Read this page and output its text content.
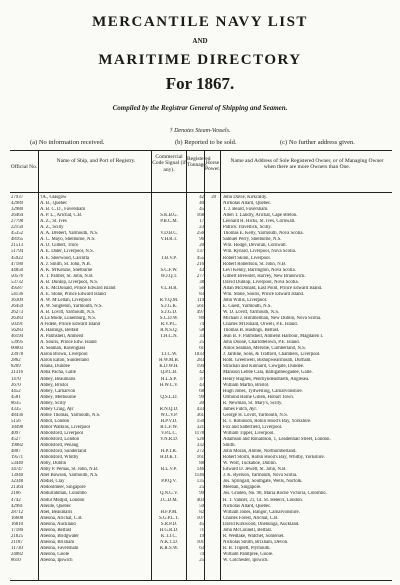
MERCANTILE NAVY LIST
AND
MARITIME DIRECTORY
For 1867.
Compiled by the Registrar General of Shipping and Seamen.
† Denotes Steam-Vessels.
(a) No information received.	(b) Reported to be sold.	(c) No further address given.
Official No.
Name of Ship, and Port of Registry.
Commercial Code Signal (if any).
Registered Tonnage.
Horse Power.
Name and Address of Sole Registered Owner, or of Managing Owner when there are more Owners than One.
27937	†A., Glasgow	42	20 John Davie, Kirkcaldy.
42989	A. B., Quebec	40	Nicholas Allard, Quebec.
32980	A. B. C. D., Faversham	45	T. J. Beard, Faversham.
26464	A. P. L., Arichat, C.B.	S.K.B.G.	168	Allen T. Landry, Arichat, Cape Breton.
27798	A. Z., St. Ives	P.B.C.M.	17	Leonard H. Hicks, St. Ives, Cornwall.
22150	A. Z., Scilly	23	Patrick Travellick, Scilly.
45352	A. A. Drebert, Yarmouth, N.S.	V.D.B.C.	256	Thomas E. Kelly, Yarmouth, Nova Scotia.
48165	A. C. Mayo, Shelburne, N.S.	V.H.R.T.	96	Samuel Perry, Shelburne, N.S.
21513	A. D. Gilbert, Truro	20	Wm. Hodge, Devoran, Cornwall.
51794	A. E. Dater, Liverpool, N.S.	137	Wm. Rynard, Liverpool, Nova Scotia.
45922	A. E. Sherwood, Calcutta	T.B.V.P.	455	Robert Skinn, Liverpool.
47180	A. J. Smith, St. John, N.B.	216	Robert Robertson, St. John, N.B.
44850	A. K. M'Kenzie, Shelburne	S.C.F.W.	43	Levi Kenny, Barrington, Nova Scotia.
50576	A. T. Palmer, St. John, N.B.	W.J.Q.T.	277	Gilbert Brewster, Harvey, New Brunswick.
53732	A. B. Dunlop, Liverpool, N.S.	38	David Dunlop, Liverpool, Nova Scotia.
49587	A. E. McDonald, Prince Edward Island	V.L.H.R.	56	Allan McDonald, East Point, Prince Edward Island.
54136	A. E. Stone, Prince Edward Island	83	Wm. Stone, Souris, Prince Edward Island.
36309	A. W. M'Lellan, Liverpool	R.V.Q.M.	119	John Willis, Liverpool.
26459	A. W. Singleton, Yarmouth, N.S.	S.J.G.K.	561	E. Guest, Yarmouth, N.S.
26273	A. B. Lovitt, Yarmouth, N.S.	S.J.G.D.	497	W. D. Lovitt, Yarmouth, N.S.
26383	A La Mode, Lunenburg, N.S.	S.C.D.W.	80	Michael J. Himmelman, New Dublin, Nova Scotia.
50391	A Fidele, Prince Edward Island	R.V.P.C.	74	Charles M'Donald, Orwell, P.E. Island.
56283	A. Hastings, Belfast	R.N.S.Q.	58	Thomas B. Hastings, Belfast.
46194	A. Palmshell, Amherst	T.H.C.N.	33	Jean B. F. Palmshell, Amherst Harbour, Magdalen I.
53995	A. Souris, Prince Edw. Island	25	John Doone, Charlottetown, P.E. Island.
60003	A. Seaman, Ravenglass	61	Amos Seaman, Mersdie, Cumberland, N.S.
23978	Aaron Brown, Liverpool	T.J.C.W.	1033	J. Jardine, Sons, & Trafford, Chambers, Liverpool.
2862	Aaron Eaton, Sunderland	H.W.M.B.	283	Robt. Greenwell, Bishopwearmouth, Durham.
8209	Abana, Dundee	K.D.W.H.	194	Strachan and Kinnaird, Cowgate, Dundee.
21316	Abba Pacha, Galle	Q.P.C.B.	42	Mansion Lebbe Cala, Balligalheogadee, Galle.
1470	Abbey, Beaumaris	H.L.S.P.	37	Henry Hughes, Penrhyndeudraeth, Anglesea.
2670	Abbey, Bristol	H.W.C.V.	43	William Martin, Bristol.
4452	Abbey, Carnarvon	68	Hugh Jones, Tydweiliog, Carnarvonshire.
4581	Abbey, Melbourne	Q.S.L.D.	99	Ormond Home Gillen, Hobart Town.
8635	Abbey, Scilly	20	R. Newman, St. Mary's, Scilly.
4335	Abbey Craig, Ayr	R.N.Q.D.	433	James Futch, Ayr.
48436	Abbie Thomas, Yarmouth, N.S.	W.C.V.P.	361	George H. Lovitt, Yarmouth, N.S.
5156	Abbot, London	H.P.V.D.	150	R. T. Robinson, Robin Hood's Bay, Yorkshire.
18498	Abbot Watkins, Liverpool	R.C.F.W.	321	Fox and Satterfield, Liverpool.
4097	Abbotsford, Liverpool	V.P.L.C.	1178	William Tipper, Liverpool.
4527	Abbotsford, London	V.N.R.D.	528	Adamson and Ronaldson, 1, Leadenhall Street, London.
19082	Abbotsford, Penang	332	Smith.
4807	Abbotsford, Sunderland	H.P.T.R.	272	John Moran, Amble, Northumberland.
19571	Abbotsford, Whitby	H.D.K.T.	161	Robert Storm, Robin Hood's Bay, Whitby, Yorkshire.
53440	Abby, Dublin	88	W. Wolf, Tuckahoe, Dublin.
34747	Abby P. Pemas, St. John, N.B.	R.L.V.P.	146	Edward D. Jewett, St. John, N.B.
13940	Abel Bowson, Yarmouth, N.S.	1146	J. K. Ryerson, Yarmouth, Nova Scotia.
32348	Abdiel, Clay	P.P.Q.V.	135	Jos. Springall, Southgate, Wells, Norfolk.
21364	Abdoolmeer, Singapore	25	Meeban, Singapore.
2106	Abdulrahman, Colombo	Q.N.G.V.	99	Jos. Gruden, No. 90, Maria Roche Victoria, Colombo.
4742	Abdul Medjid, London	J.C.D.M.	403	H. T. Vanner, 21, Gt. St. Helen's, London.
42981	Abeille, Quebec	59	Nicholas Allard, Quebec.
28712	Abel, Beaumaris	H.F.P.M.	82	William Jones, Bangor, Carnarvonshire.
16608	Abeona, Arichat, C.B.	S.G.P.L.T.	107	Charles Forest, Arichat, C.B.
16810	Abeona, Auckland	S.R.P.D.	45	David Kirkwood, Onehunga, Auckland.
17180	Abeona, Belfast	H.G.R.D.	71	John McConnell, Belfast.
21825	Abeona, Bridgwater	K.T.J.C.	19	R. Wedlake, Watchet, Somerset.
21187	Abeona, Brixham	N.K.T.D.	101	Nicholas Smith, Brixham, Devon.
11730	Abeona, Faversham	K.R.S.W.	63	R. B. Triplett, Plymouth.
24082	Abeona, Goole	74	William Pamtpree, Goole.
8610	Abeona, Ipswich	25	W. Colchester, Ipswich.
